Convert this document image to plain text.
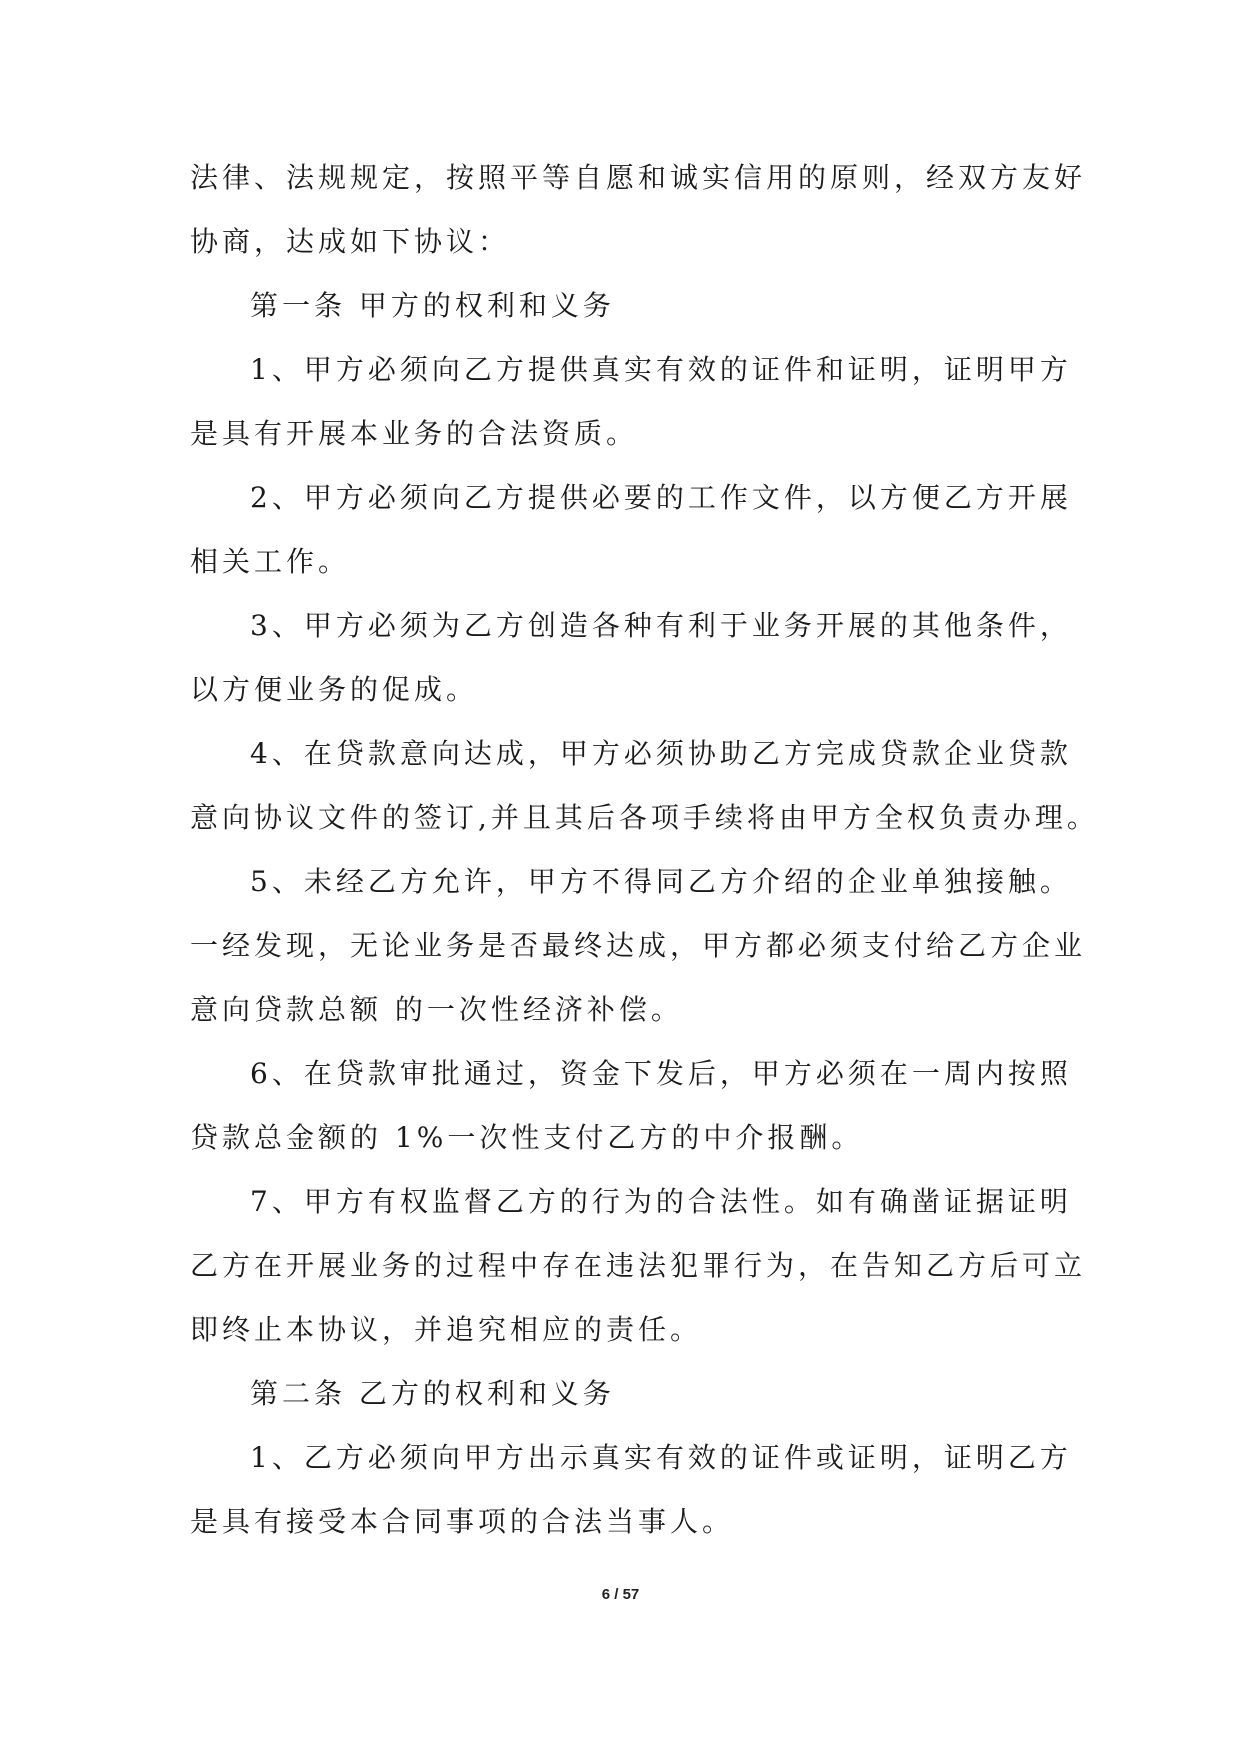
法律、法规规定，按照平等自愿和诚实信用的原则，经双方友好
协商，达成如下协议：
第一条 甲方的权利和义务
1、甲方必须向乙方提供真实有效的证件和证明，证明甲方
是具有开展本业务的合法资质。
2、甲方必须向乙方提供必要的工作文件，以方便乙方开展
相关工作。
3、甲方必须为乙方创造各种有利于业务开展的其他条件，
以方便业务的促成。
4、在贷款意向达成，甲方必须协助乙方完成贷款企业贷款
意向协议文件的签订,并且其后各项手续将由甲方全权负责办理。
5、未经乙方允许，甲方不得同乙方介绍的企业单独接触。
一经发现，无论业务是否最终达成，甲方都必须支付给乙方企业
意向贷款总额 的一次性经济补偿。
6、在贷款审批通过，资金下发后，甲方必须在一周内按照
贷款总金额的 1%一次性支付乙方的中介报酬。
7、甲方有权监督乙方的行为的合法性。如有确凿证据证明
乙方在开展业务的过程中存在违法犯罪行为，在告知乙方后可立
即终止本协议，并追究相应的责任。
第二条 乙方的权利和义务
1、乙方必须向甲方出示真实有效的证件或证明，证明乙方
是具有接受本合同事项的合法当事人。
6 / 57
